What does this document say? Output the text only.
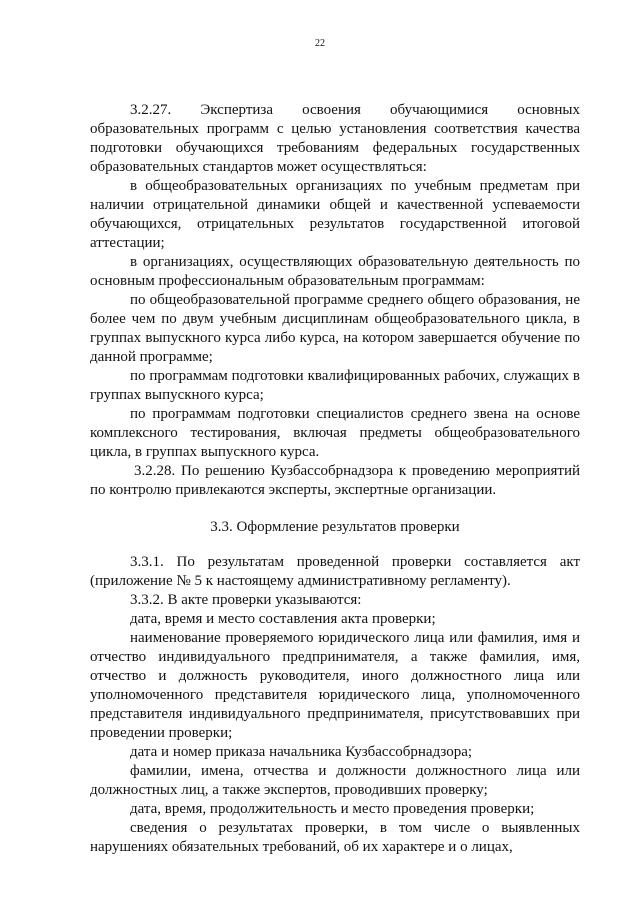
22

3.2.27. Экспертиза освоения обучающимися основных образовательных программ с целью установления соответствия качества подготовки обучающихся требованиям федеральных государственных образовательных стандартов может осуществляться:

в общеобразовательных организациях по учебным предметам при наличии отрицательной динамики общей и качественной успеваемости обучающихся, отрицательных результатов государственной итоговой аттестации;

в организациях, осуществляющих образовательную деятельность по основным профессиональным образовательным программам:

по общеобразовательной программе среднего общего образования, не более чем по двум учебным дисциплинам общеобразовательного цикла, в группах выпускного курса либо курса, на котором завершается обучение по данной программе;

по программам подготовки квалифицированных рабочих, служащих в группах выпускного курса;

по программам подготовки специалистов среднего звена на основе комплексного тестирования, включая предметы общеобразовательного цикла, в группах выпускного курса.

3.2.28. По решению Кузбассобрнадзора к проведению мероприятий по контролю привлекаются эксперты, экспертные организации.

3.3. Оформление результатов проверки

3.3.1. По результатам проведенной проверки составляется акт (приложение № 5 к настоящему административному регламенту).

3.3.2. В акте проверки указываются:

дата, время и место составления акта проверки;

наименование проверяемого юридического лица или фамилия, имя и отчество индивидуального предпринимателя, а также фамилия, имя, отчество и должность руководителя, иного должностного лица или уполномоченного представителя юридического лица, уполномоченного представителя индивидуального предпринимателя, присутствовавших при проведении проверки;

дата и номер приказа начальника Кузбассобрнадзора;

фамилии, имена, отчества и должности должностного лица или должностных лиц, а также экспертов, проводивших проверку;

дата, время, продолжительность и место проведения проверки;

сведения о результатах проверки, в том числе о выявленных нарушениях обязательных требований, об их характере и о лицах,
